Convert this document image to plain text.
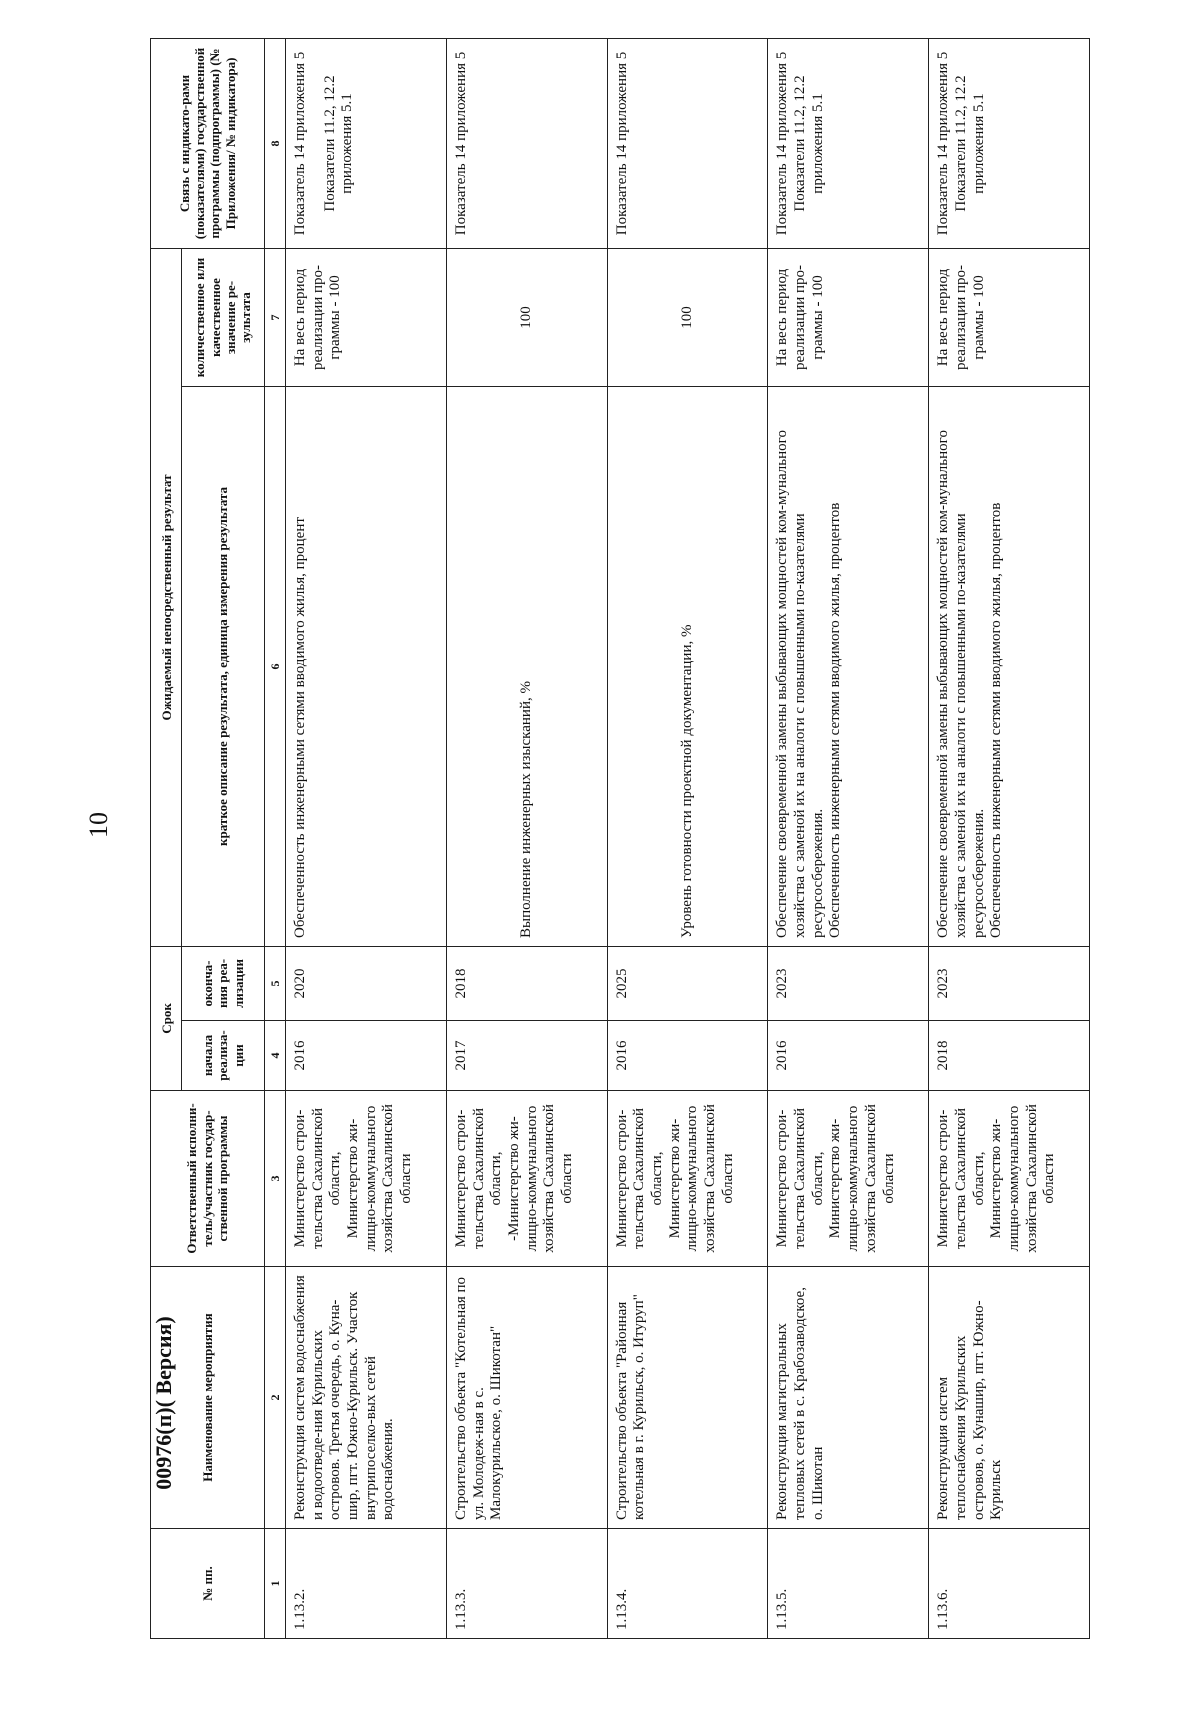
10
00976(п)( Версия)
№ пп.	Наименование мероприятия	Ответственный исполни-тель/участник государ-ственной программы	Срок		Ожидаемый непосредственный результат		Связь с индикато-рами (показателями) государственной программы (подпрограммы) (№ Приложения/ № индикатора)
			начала реализа-ции	оконча-ния реа-лизации	краткое описание результата, единица измерения результата	количественное или качественное значение ре-зультата	
1	2	3	4	5	6	7	8
1.13.2.	Реконструкция систем водоснабжения и водоотведе-ния Курильских островов. Третья очередь, о. Куна-шир, пгт. Южно-Курильск. Участок внутрипоселко-вых сетей водоснабжения.	Министерство строи-тельства Сахалинской области, Министерство жи-лищно-коммунального хозяйства Сахалинской области	2016	2020	Обеспеченность инженерными сетями вводимого жилья, процент	На весь период реализации про-граммы - 100	Показатель 14 приложения 5 Показатели 11.2, 12.2 приложения 5.1
1.13.3.	Строительство объекта "Котельная по ул. Молодеж-ная в с. Малокурильское, о. Шикотан"	Министерство строи-тельства Сахалинской области, -Министерство жи-лищно-коммунального хозяйства Сахалинской области	2017	2018	Выполнение инженерных изысканий, %	100	Показатель 14 приложения 5
1.13.4.	Строительство объекта "Районная котельная в г. Курильск, о. Итуруп"	Министерство строи-тельства Сахалинской области, Министерство жи-лищно-коммунального хозяйства Сахалинской области	2016	2025	Уровень готовности проектной документации, %	100	Показатель 14 приложения 5
1.13.5.	Реконструкция магистральных тепловых сетей в с. Крабозаводское, о. Шикотан	Министерство строи-тельства Сахалинской области, Министерство жи-лищно-коммунального хозяйства Сахалинской области	2016	2023	Обеспечение своевременной замены выбывающих мощностей ком-мунального хозяйства с заменой их на аналоги с повышенными по-казателями ресурсосбережения. Обеспеченность инженерными сетями вводимого жилья, процентов	На весь период реализации про-граммы - 100	Показатель 14 приложения 5 Показатели 11.2, 12.2 приложения 5.1
1.13.6.	Реконструкция систем теплоснабжения Курильских островов, о. Кунашир, пгт. Южно-Курильск	Министерство строи-тельства Сахалинской области, Министерство жи-лищно-коммунального хозяйства Сахалинской области	2018	2023	Обеспечение своевременной замены выбывающих мощностей ком-мунального хозяйства с заменой их на аналоги с повышенными по-казателями ресурсосбережения. Обеспеченность инженерными сетями вводимого жилья, процентов	На весь период реализации про-граммы - 100	Показатель 14 приложения 5 Показатели 11.2, 12.2 приложения 5.1
